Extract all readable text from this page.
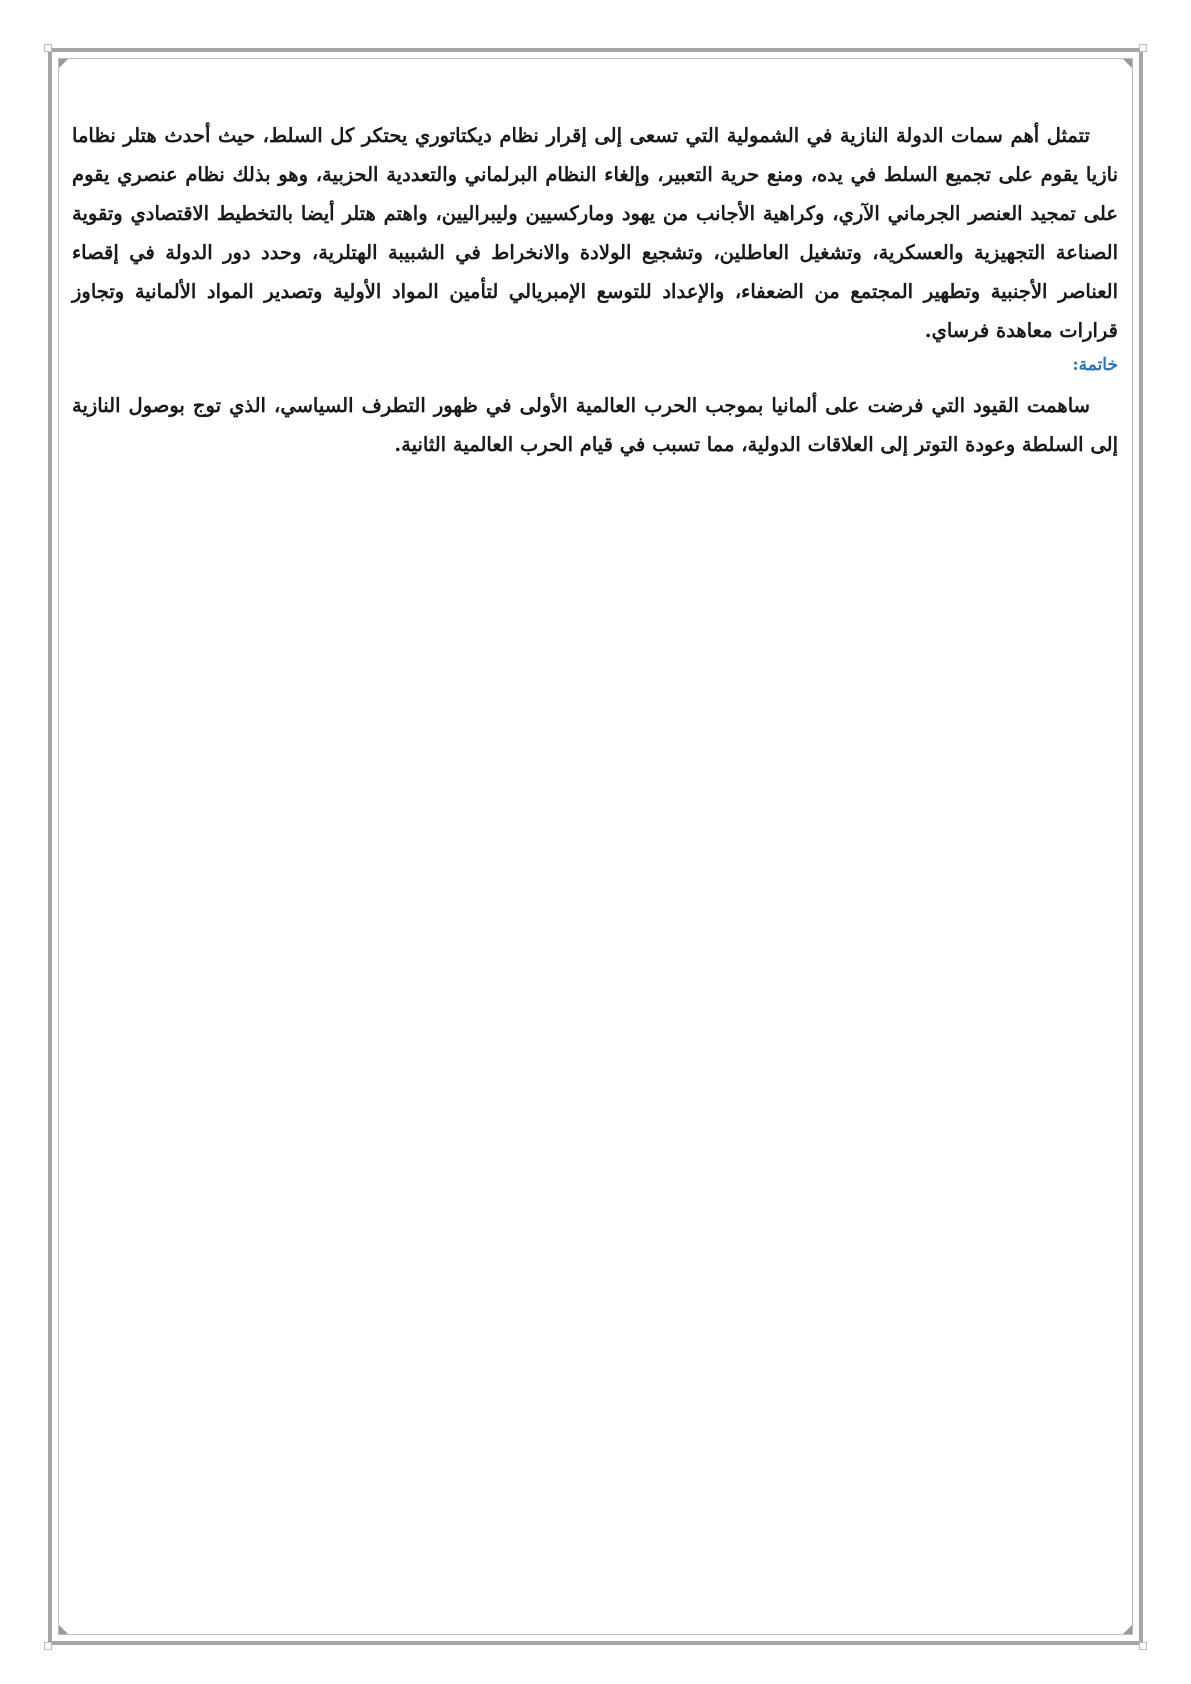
تتمثل أهم سمات الدولة النازية في الشمولية التي تسعى إلى إقرار نظام ديكتاتوري يحتكر كل السلط، حيث أحدث هتلر نظاما نازيا يقوم على تجميع السلط في يده، ومنع حرية التعبير، وإلغاء النظام البرلماني والتعددية الحزبية، وهو بذلك نظام عنصري يقوم على تمجيد العنصر الجرماني الآري، وكراهية الأجانب من يهود وماركسيين وليبراليين، واهتم هتلر أيضا بالتخطيط الاقتصادي وتقوية الصناعة التجهيزية والعسكرية، وتشغيل العاطلين، وتشجيع الولادة والانخراط في الشبيبة الهتلرية، وحدد دور الدولة في إقصاء العناصر الأجنبية وتطهير المجتمع من الضعفاء، والإعداد للتوسع الإمبريالي لتأمين المواد الأولية وتصدير المواد الألمانية وتجاوز قرارات معاهدة فرساي.

خاتمة:

ساهمت القيود التي فرضت على ألمانيا بموجب الحرب العالمية الأولى في ظهور التطرف السياسي، الذي توج بوصول النازية إلى السلطة وعودة التوتر إلى العلاقات الدولية، مما تسبب في قيام الحرب العالمية الثانية.
